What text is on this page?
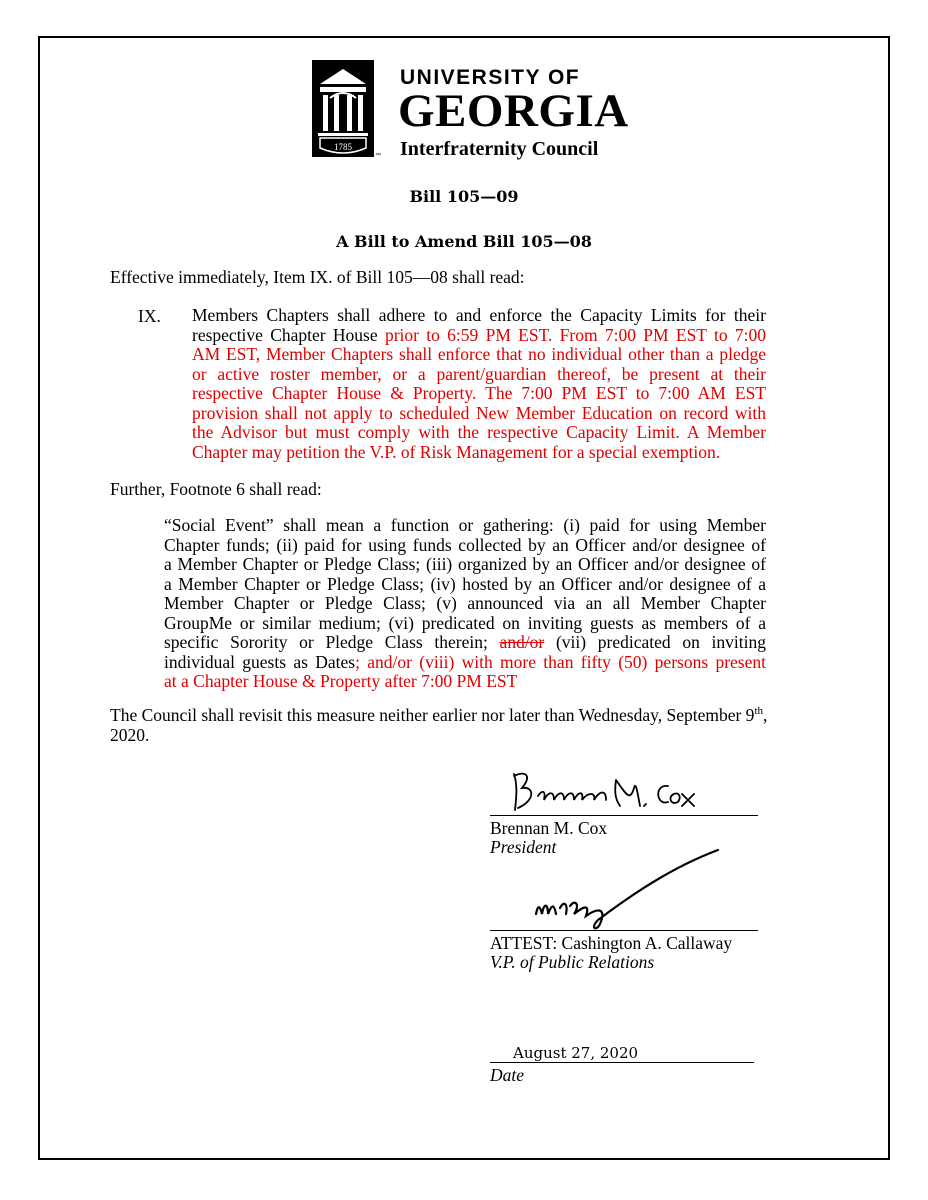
1785
™
UNIVERSITY OF
GEORGIA
Interfraternity Council
Bill 105—09
A Bill to Amend Bill 105—08
Effective immediately, Item IX. of Bill 105—08 shall read:
IX. Members Chapters shall adhere to and enforce the Capacity Limits for their
respective Chapter House prior to 6:59 PM EST. From 7:00 PM EST to 7:00
AM EST, Member Chapters shall enforce that no individual other than a pledge
or active roster member, or a parent/guardian thereof, be present at their
respective Chapter House & Property. The 7:00 PM EST to 7:00 AM EST
provision shall not apply to scheduled New Member Education on record with
the Advisor but must comply with the respective Capacity Limit. A Member
Chapter may petition the V.P. of Risk Management for a special exemption.
Further, Footnote 6 shall read:
“Social Event” shall mean a function or gathering: (i) paid for using Member
Chapter funds; (ii) paid for using funds collected by an Officer and/or designee of
a Member Chapter or Pledge Class; (iii) organized by an Officer and/or designee of
a Member Chapter or Pledge Class; (iv) hosted by an Officer and/or designee of a
Member Chapter or Pledge Class; (v) announced via an all Member Chapter
GroupMe or similar medium; (vi) predicated on inviting guests as members of a
specific Sorority or Pledge Class therein; and/or (vii) predicated on inviting
individual guests as Dates; and/or (viii) with more than fifty (50) persons present
at a Chapter House & Property after 7:00 PM EST
The Council shall revisit this measure neither earlier nor later than Wednesday, September 9th,
2020.
Brennan M. Cox
President
ATTEST: Cashington A. Callaway
V.P. of Public Relations
August 27, 2020
Date
